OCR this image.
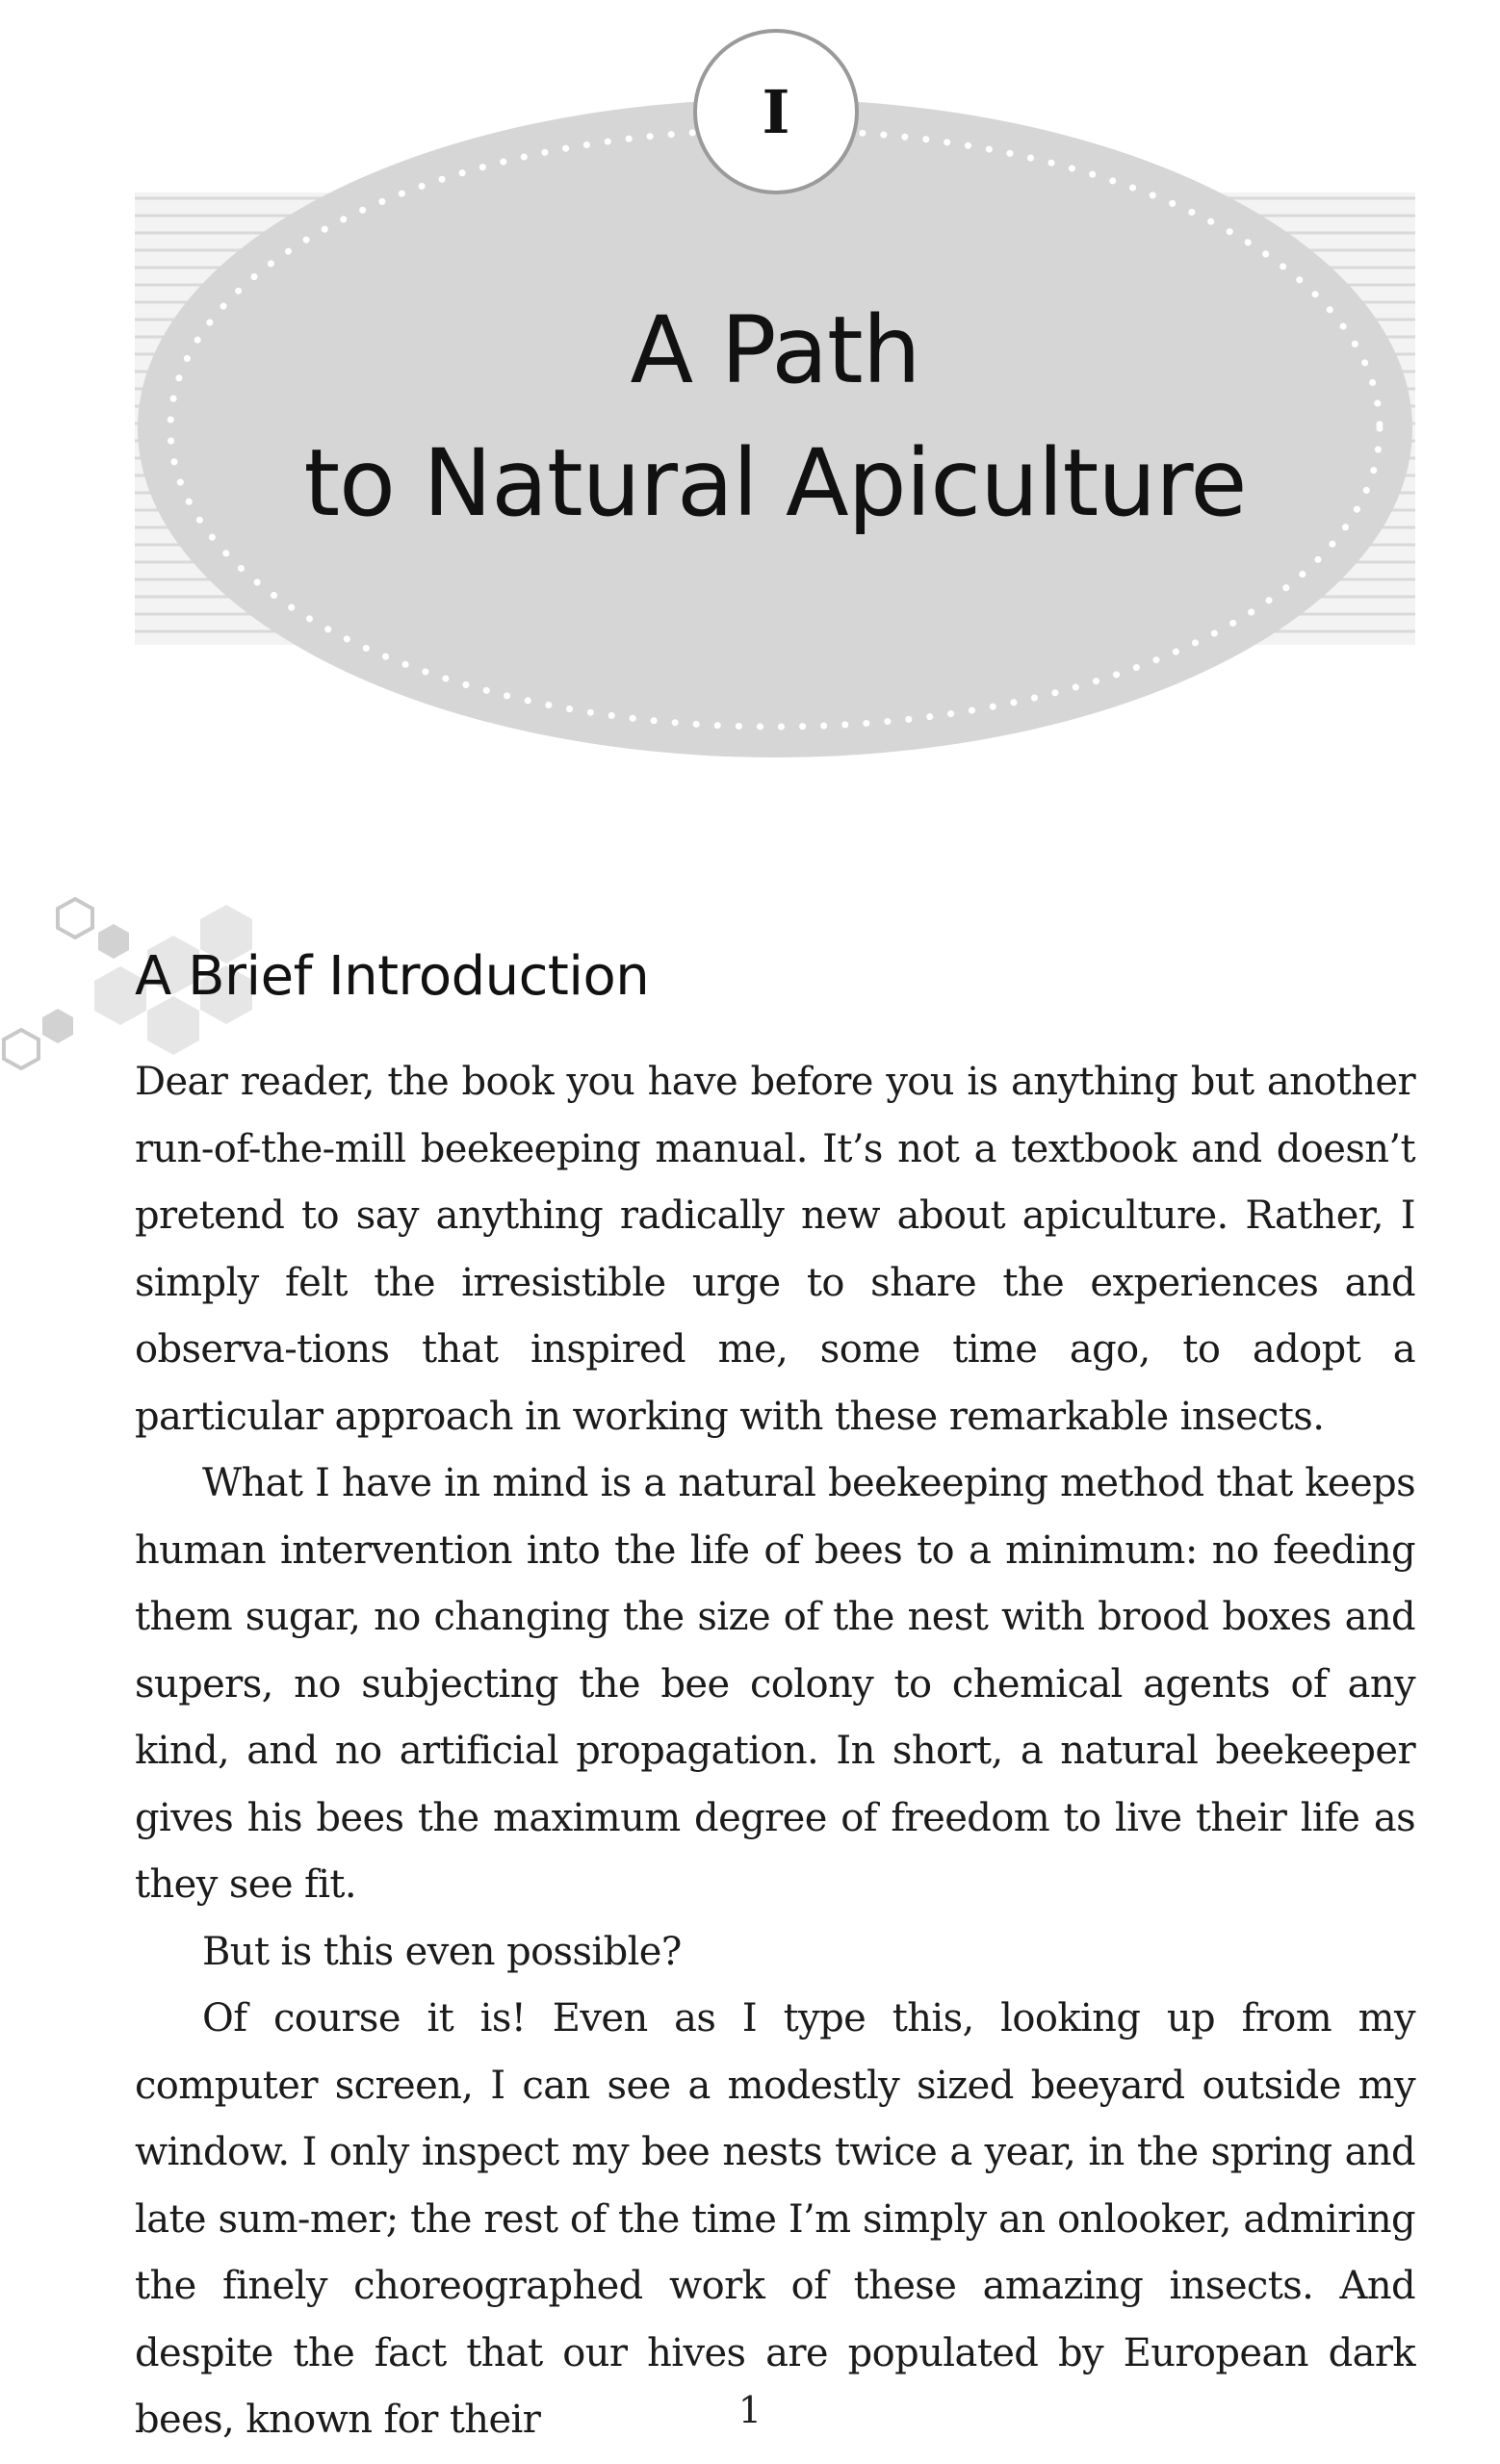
I
A Path
to Natural Apiculture
A Brief Introduction

Dear reader, the book you have before you is anything but another run-of-the-mill beekeeping manual. It’s not a textbook and doesn’t pretend to say anything radically new about apiculture. Rather, I simply felt the irresistible urge to share the experiences and observa-tions that inspired me, some time ago, to adopt a particular approach in working with these remarkable insects.

What I have in mind is a natural beekeeping method that keeps human intervention into the life of bees to a minimum: no feeding them sugar, no changing the size of the nest with brood boxes and supers, no subjecting the bee colony to chemical agents of any kind, and no artificial propagation. In short, a natural beekeeper gives his bees the maximum degree of freedom to live their life as they see fit.

But is this even possible?

Of course it is! Even as I type this, looking up from my computer screen, I can see a modestly sized beeyard outside my window. I only inspect my bee nests twice a year, in the spring and late sum-mer; the rest of the time I’m simply an onlooker, admiring the finely choreographed work of these amazing insects. And despite the fact that our hives are populated by European dark bees, known for their	1
